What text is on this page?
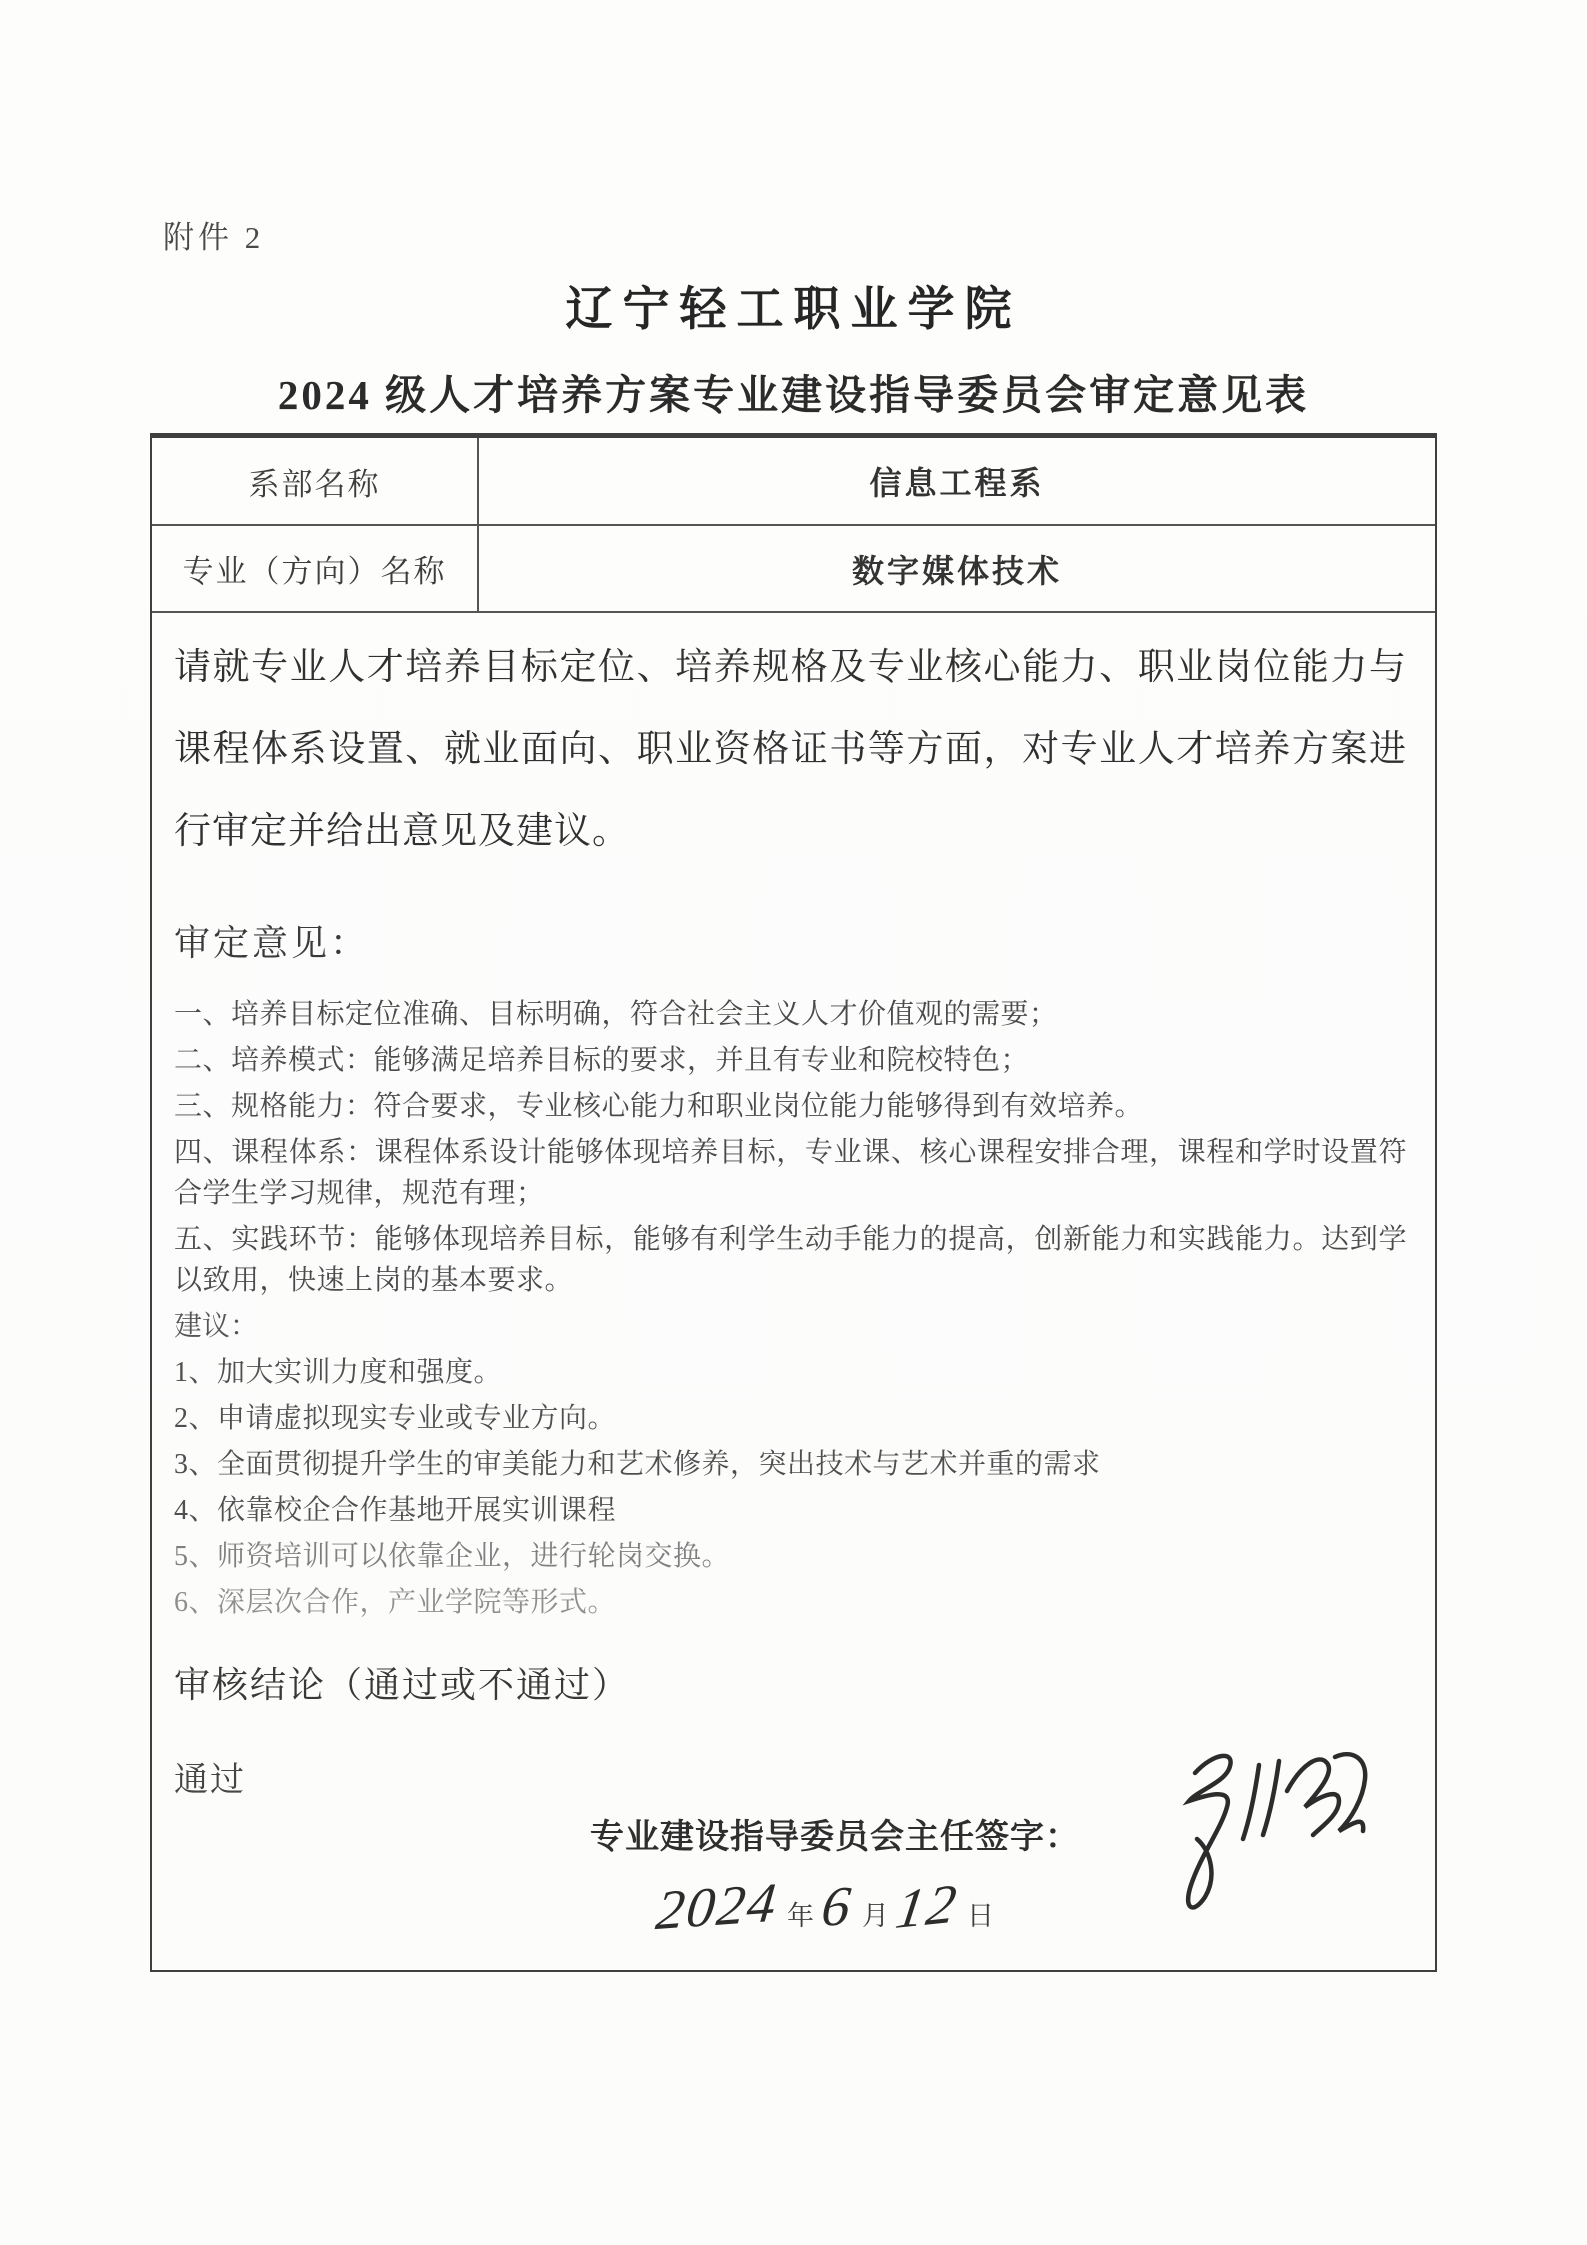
附件 2
辽宁轻工职业学院
2024 级人才培养方案专业建设指导委员会审定意见表
系部名称	信息工程系
专业（方向）名称	数字媒体技术
请就专业人才培养目标定位、培养规格及专业核心能力、职业岗位能力与课程体系设置、就业面向、职业资格证书等方面，对专业人才培养方案进行审定并给出意见及建议。
审定意见：
一、培养目标定位准确、目标明确，符合社会主义人才价值观的需要；
二、培养模式：能够满足培养目标的要求，并且有专业和院校特色；
三、规格能力：符合要求，专业核心能力和职业岗位能力能够得到有效培养。
四、课程体系：课程体系设计能够体现培养目标，专业课、核心课程安排合理，课程和学时设置符合学生学习规律，规范有理；
五、实践环节：能够体现培养目标，能够有利学生动手能力的提高，创新能力和实践能力。达到学以致用，快速上岗的基本要求。
建议：
1、加大实训力度和强度。
2、申请虚拟现实专业或专业方向。
3、全面贯彻提升学生的审美能力和艺术修养，突出技术与艺术并重的需求
4、依靠校企合作基地开展实训课程
5、师资培训可以依靠企业，进行轮岗交换。
6、深层次合作，产业学院等形式。
审核结论（通过或不通过）
通过
专业建设指导委员会主任签字：
2024 年 6 月 12 日
